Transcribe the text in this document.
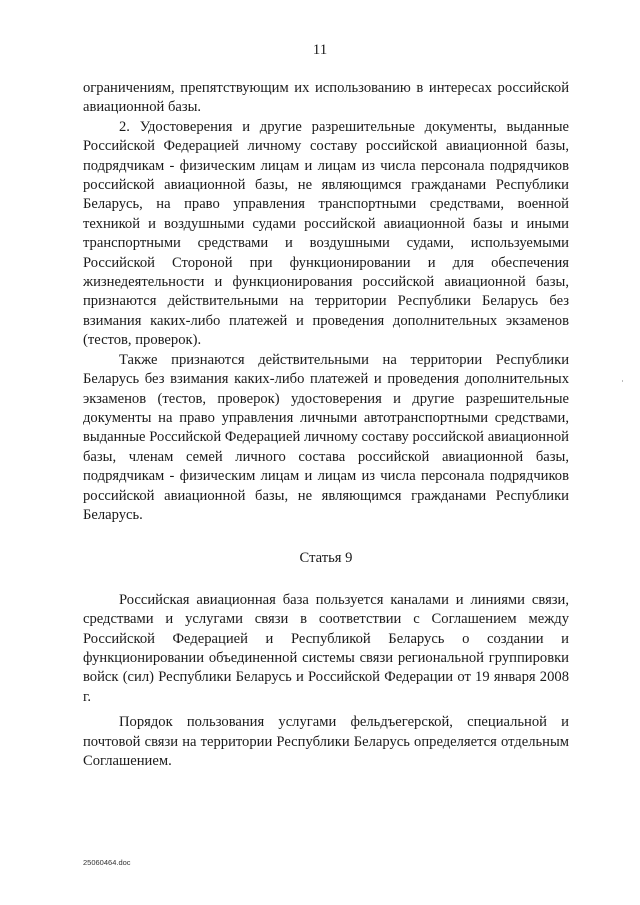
11

ограничениям, препятствующим их использованию в интересах российской авиационной базы.

2. Удостоверения и другие разрешительные документы, выданные Российской Федерацией личному составу российской авиационной базы, подрядчикам - физическим лицам и лицам из числа персонала подрядчиков российской авиационной базы, не являющимся гражданами Республики Беларусь, на право управления транспортными средствами, военной техникой и воздушными судами российской авиационной базы и иными транспортными средствами и воздушными судами, используемыми Российской Стороной при функционировании и для обеспечения жизнедеятельности и функционирования российской авиационной базы, признаются действительными на территории Республики Беларусь без взимания каких-либо платежей и проведения дополнительных экзаменов (тестов, проверок).

Также признаются действительными на территории Республики Беларусь без взимания каких-либо платежей и проведения дополнительных экзаменов (тестов, проверок) удостоверения и другие разрешительные документы на право управления личными автотранспортными средствами, выданные Российской Федерацией личному составу российской авиационной базы, членам семей личного состава российской авиационной базы, подрядчикам - физическим лицам и лицам из числа персонала подрядчиков российской авиационной базы, не являющимся гражданами Республики Беларусь.

Статья 9

Российская авиационная база пользуется каналами и линиями связи, средствами и услугами связи в соответствии с Соглашением между Российской Федерацией и Республикой Беларусь о создании и функционировании объединенной системы связи региональной группировки войск (сил) Республики Беларусь и Российской Федерации от 19 января 2008 г.

Порядок пользования услугами фельдъегерской, специальной и почтовой связи на территории Республики Беларусь определяется отдельным Соглашением.

25060464.doc
